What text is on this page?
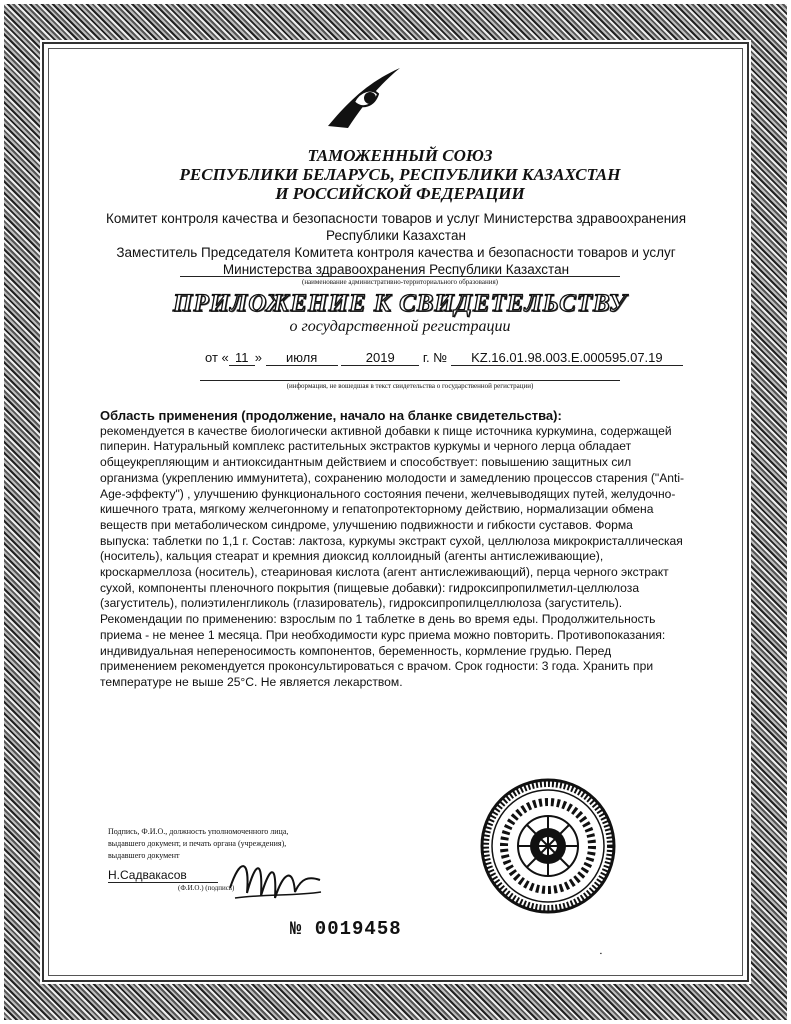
ТАМОЖЕННЫЙ СОЮЗ
РЕСПУБЛИКИ БЕЛАРУСЬ, РЕСПУБЛИКИ КАЗАХСТАН
И РОССИЙСКОЙ ФЕДЕРАЦИИ
Комитет контроля качества и безопасности товаров и услуг Министерства здравоохранения
Республики Казахстан
Заместитель Председателя Комитета контроля качества и безопасности товаров и услуг
Министерства здравоохранения Республики Казахстан
(наименование административно-территориального образования)
ПРИЛОЖЕНИЕ К СВИДЕТЕЛЬСТВУ
о государственной регистрации
от « 11 » июля	2019 г. № KZ.16.01.98.003.E.000595.07.19
(информация, не вошедшая в текст свидетельства о государственной регистрации)
Область применения (продолжение, начало на бланке свидетельства):
рекомендуется в качестве биологически активной добавки к пище источника куркумина, содержащей пиперин. Натуральный комплекс растительных экстрактов куркумы и черного лерца обладает общеукрепляющим и антиоксидантным действием и способствует: повышению защитных сил организма (укреплению иммунитета), сохранению молодости и замедлению процессов старения ("Anti-Age-эффекту") , улучшению функционального состояния печени, желчевыводящих путей, желудочно-кишечного трата, мягкому желчегонному и гепатопротекторному действию, нормализации обмена веществ при метаболическом синдроме, улучшению подвижности и гибкости суставов. Форма выпуска: таблетки по 1,1 г. Состав: лактоза, куркумы экстракт сухой, целлюлоза микрокристаллическая (носитель), кальция стеарат и кремния диоксид коллоидный (агенты антислеживающие), кроскармеллоза (носитель), стеариновая кислота (агент антислеживающий), перца черного экстракт сухой, компоненты пленочного покрытия (пищевые добавки): гидроксипропилметил-целлюлоза (загуститель), полиэтиленгликоль (глазирователь), гидроксипропилцеллюлоза (загуститель). Рекомендации по применению: взрослым по 1 таблетке в день во время еды. Продолжительность приема - не менее 1 месяца. При необходимости курс приема можно повторить. Противопоказания: индивидуальная непереносимость компонентов, беременность, кормление грудью. Перед применением рекомендуется проконсультироваться с врачом. Срок годности: 3 года. Хранить при температуре не выше 25°C. Не является лекарством.
Подпись, Ф.И.О., должность уполномоченного лица,
выдавшего документ, и печать органа (учреждения),
выдавшего документ
Н.Садвакасов
(Ф.И.О.) (подпись)
№ 0019458
▪
